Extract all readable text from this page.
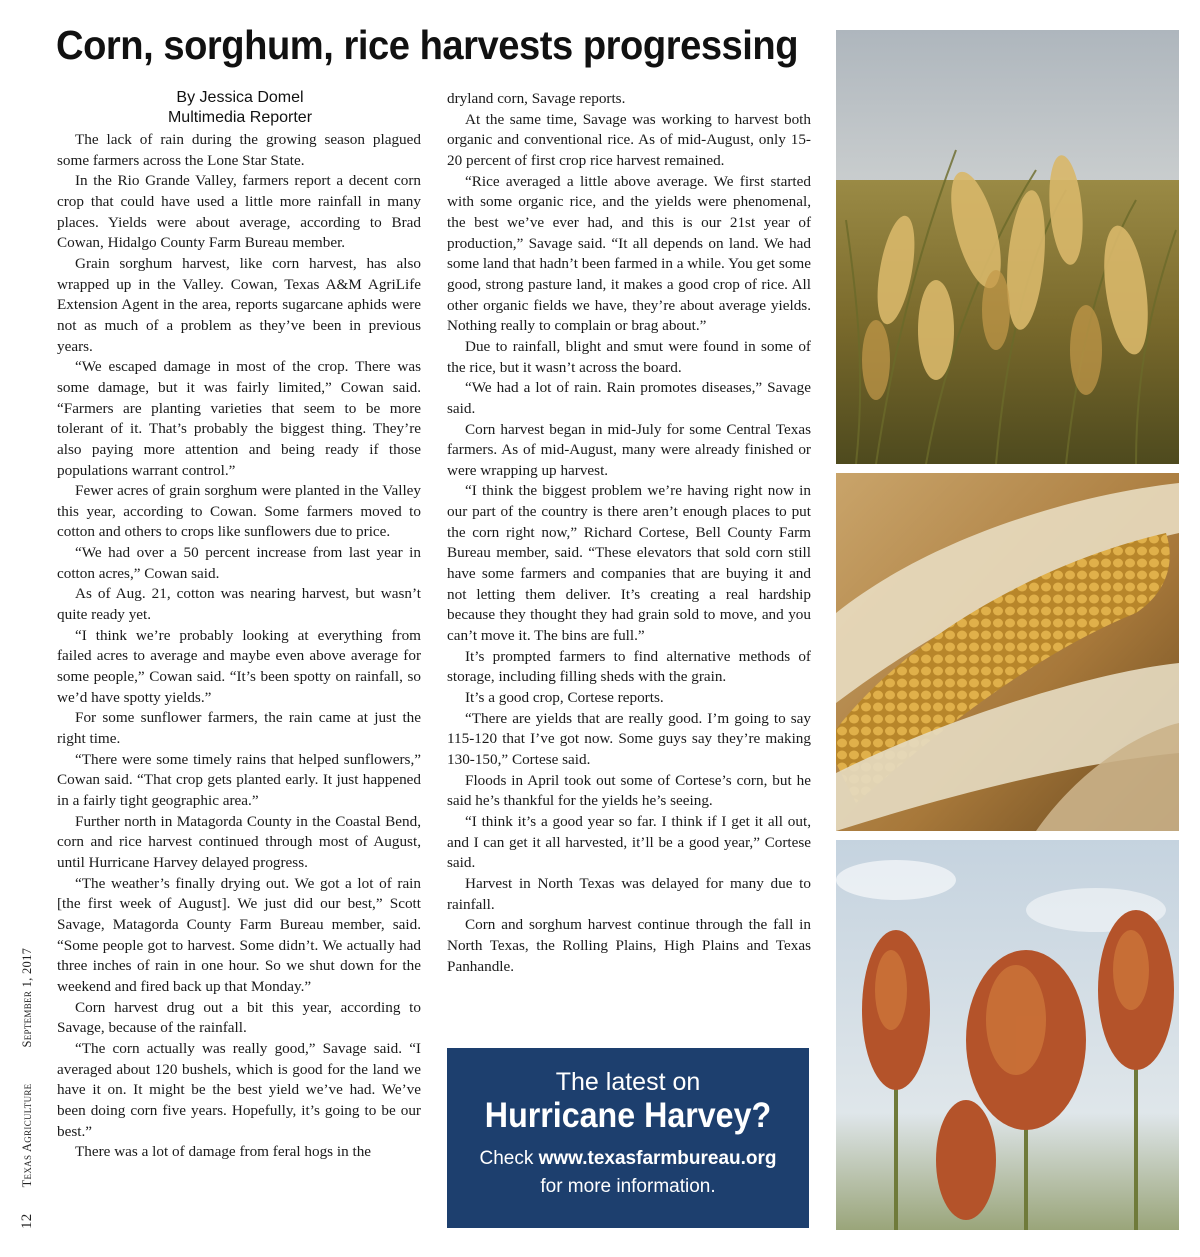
Corn, sorghum, rice harvests progressing
By Jessica Domel
Multimedia Reporter

The lack of rain during the growing season plagued some farmers across the Lone Star State.

In the Rio Grande Valley, farmers report a decent corn crop that could have used a little more rainfall in many places. Yields were about average, according to Brad Cowan, Hidalgo County Farm Bureau member.

Grain sorghum harvest, like corn harvest, has also wrapped up in the Valley. Cowan, Texas A&M AgriLife Extension Agent in the area, reports sugarcane aphids were not as much of a problem as they’ve been in previous years.

“We escaped damage in most of the crop. There was some damage, but it was fairly limited,” Cowan said. “Farmers are planting varieties that seem to be more tolerant of it. That’s probably the biggest thing. They’re also paying more attention and being ready if those populations warrant control.”

Fewer acres of grain sorghum were planted in the Valley this year, according to Cowan. Some farmers moved to cotton and others to crops like sunflowers due to price.

“We had over a 50 percent increase from last year in cotton acres,” Cowan said.

As of Aug. 21, cotton was nearing harvest, but wasn’t quite ready yet.

“I think we’re probably looking at everything from failed acres to average and maybe even above average for some people,” Cowan said. “It’s been spotty on rainfall, so we’d have spotty yields.”

For some sunflower farmers, the rain came at just the right time.

“There were some timely rains that helped sunflowers,” Cowan said. “That crop gets planted early. It just happened in a fairly tight geographic area.”

Further north in Matagorda County in the Coastal Bend, corn and rice harvest continued through most of August, until Hurricane Harvey delayed progress.

“The weather’s finally drying out. We got a lot of rain [the first week of August]. We just did our best,” Scott Savage, Matagorda County Farm Bureau member, said. “Some people got to harvest. Some didn’t. We actually had three inches of rain in one hour. So we shut down for the weekend and fired back up that Monday.”

Corn harvest drug out a bit this year, according to Savage, because of the rainfall.

“The corn actually was really good,” Savage said. “I averaged about 120 bushels, which is good for the land we have it on. It might be the best yield we’ve had. We’ve been doing corn five years. Hopefully, it’s going to be our best.”

There was a lot of damage from feral hogs in the

dryland corn, Savage reports.

At the same time, Savage was working to harvest both organic and conventional rice. As of mid-August, only 15-20 percent of first crop rice harvest remained.

“Rice averaged a little above average. We first started with some organic rice, and the yields were phenomenal, the best we’ve ever had, and this is our 21st year of production,” Savage said. “It all depends on land. We had some land that hadn’t been farmed in a while. You get some good, strong pasture land, it makes a good crop of rice. All other organic fields we have, they’re about average yields. Nothing really to complain or brag about.”

Due to rainfall, blight and smut were found in some of the rice, but it wasn’t across the board.

“We had a lot of rain. Rain promotes diseases,” Savage said.

Corn harvest began in mid-July for some Central Texas farmers. As of mid-August, many were already finished or were wrapping up harvest.

“I think the biggest problem we’re having right now in our part of the country is there aren’t enough places to put the corn right now,” Richard Cortese, Bell County Farm Bureau member, said. “These elevators that sold corn still have some farmers and companies that are buying it and not letting them deliver. It’s creating a real hardship because they thought they had grain sold to move, and you can’t move it. The bins are full.”

It’s prompted farmers to find alternative methods of storage, including filling sheds with the grain.

It’s a good crop, Cortese reports.

“There are yields that are really good. I’m going to say 115-120 that I’ve got now. Some guys say they’re making 130-150,” Cortese said.

Floods in April took out some of Cortese’s corn, but he said he’s thankful for the yields he’s seeing.

“I think it’s a good year so far. I think if I get it all out, and I can get it all harvested, it’ll be a good year,” Cortese said.

Harvest in North Texas was delayed for many due to rainfall.

Corn and sorghum harvest continue through the fall in North Texas, the Rolling Plains, High Plains and Texas Panhandle.

12Texas AgricultureSeptember 1, 2017
The latest on
Hurricane Harvey?
Check www.texasfarmbureau.org
for more information.
